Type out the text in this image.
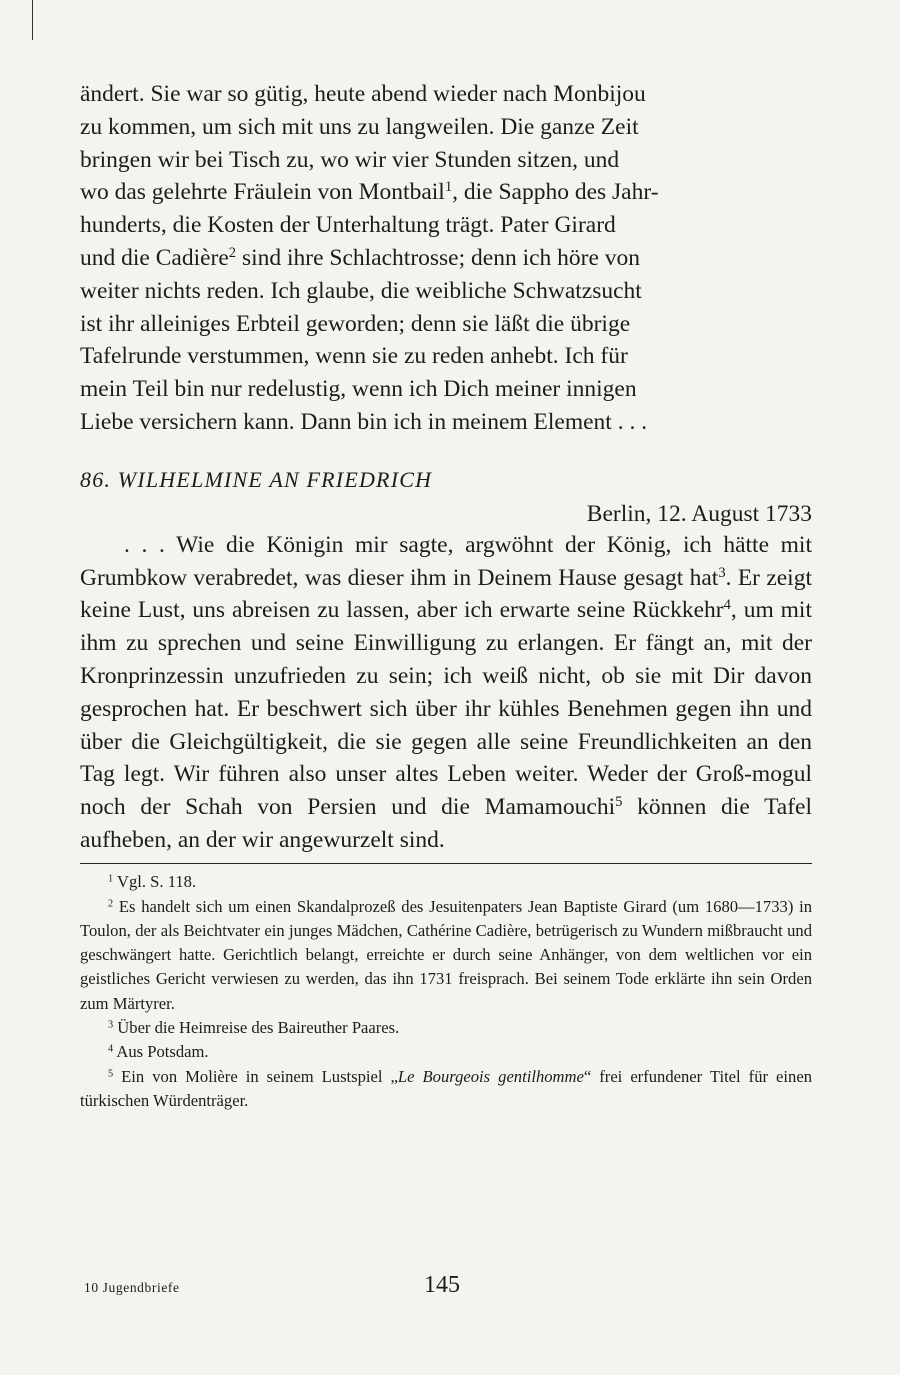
ändert. Sie war so gütig, heute abend wieder nach Monbijou

zu kommen, um sich mit uns zu langweilen. Die ganze Zeit

bringen wir bei Tisch zu, wo wir vier Stunden sitzen, und

wo das gelehrte Fräulein von Montbail$^1$, die Sappho des Jahr-

hunderts, die Kosten der Unterhaltung trägt. Pater Girard

und die Cadière$^2$ sind ihre Schlachtrosse; denn ich höre von

weiter nichts reden. Ich glaube, die weibliche Schwatzsucht

ist ihr alleiniges Erbteil geworden; denn sie läßt die übrige

Tafelrunde verstummen, wenn sie zu reden anhebt. Ich für

mein Teil bin nur redelustig, wenn ich Dich meiner innigen

Liebe versichern kann. Dann bin ich in meinem Element . . .

86. WILHELMINE AN FRIEDRICH
Berlin, 12. August 1733

. . . Wie die Königin mir sagte, argwöhnt der König, ich hätte mit Grumbkow verabredet, was dieser ihm in Deinem Hause gesagt hat$^3$. Er zeigt keine Lust, uns abreisen zu lassen, aber ich erwarte seine Rückkehr$^4$, um mit ihm zu sprechen und seine Einwilligung zu erlangen. Er fängt an, mit der Kronprinzessin unzufrieden zu sein; ich weiß nicht, ob sie mit Dir davon gesprochen hat. Er beschwert sich über ihr kühles Benehmen gegen ihn und über die Gleichgültigkeit, die sie gegen alle seine Freundlichkeiten an den Tag legt. Wir führen also unser altes Leben weiter. Weder der Groß-mogul noch der Schah von Persien und die Mamamouchi$^5$ können die Tafel aufheben, an der wir angewurzelt sind.

$^1$ Vgl. S. 118.

$^2$ Es handelt sich um einen Skandalprozeß des Jesuitenpaters Jean Baptiste Girard (um 1680—1733) in Toulon, der als Beichtvater ein junges Mädchen, Cathérine Cadière, betrügerisch zu Wundern mißbraucht und geschwängert hatte. Gerichtlich belangt, erreichte er durch seine Anhänger, von dem weltlichen vor ein geistliches Gericht verwiesen zu werden, das ihn 1731 freisprach. Bei seinem Tode erklärte ihn sein Orden zum Märtyrer.

$^3$ Über die Heimreise des Baireuther Paares.

$^4$ Aus Potsdam.

$^5$ Ein von Molière in seinem Lustspiel „Le Bourgeois gentilhomme“ frei erfundener Titel für einen türkischen Würdenträger.

10 Jugendbriefe	145
